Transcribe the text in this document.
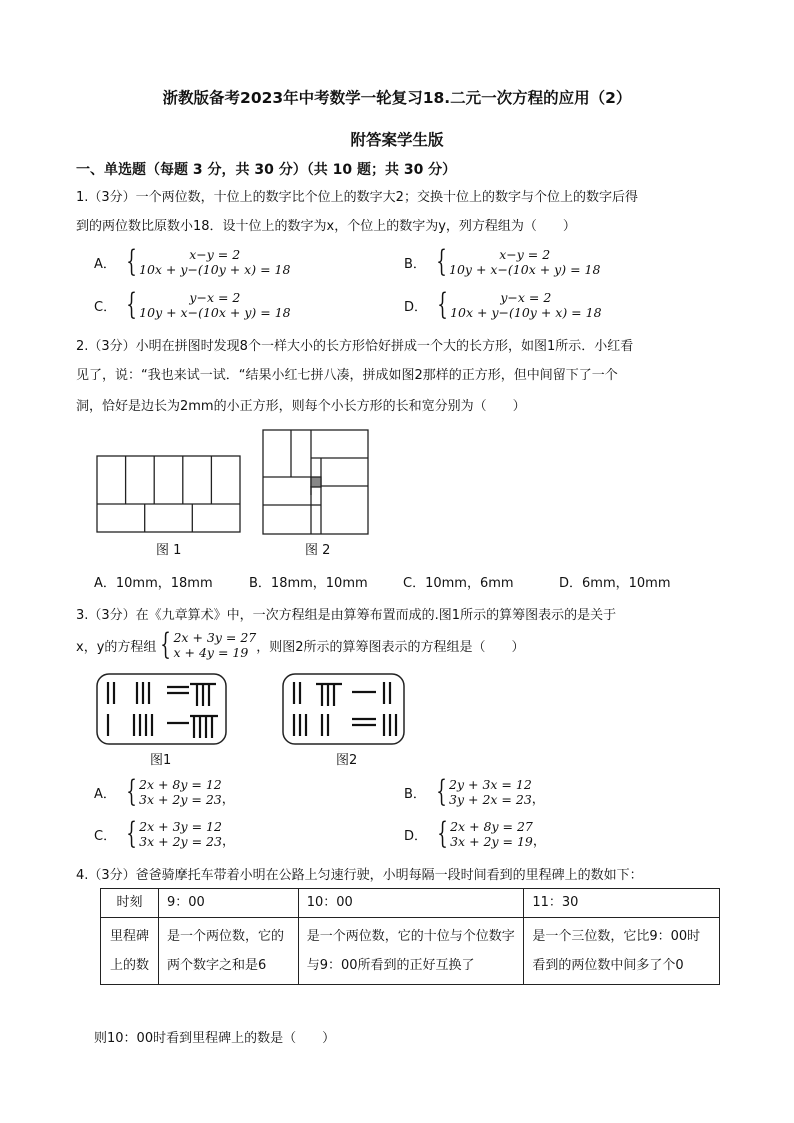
浙教版备考2023年中考数学一轮复习18.二元一次方程的应用（2）
附答案学生版
一、单选题（每题 3 分，共 30 分）（共 10 题；共 30 分）
1.（3分）一个两位数，十位上的数字比个位上的数字大2；交换十位上的数字与个位上的数字后得
到的两位数比原数小18．设十位上的数字为x，个位上的数字为y，列方程组为（　　）
A． {	x−y = 2
10x + y−(10y + x) = 18	B． {	x−y = 2
10y + x−(10x + y) = 18
C． {	y−x = 2
10y + x−(10x + y) = 18	D． {	y−x = 2
10x + y−(10y + x) = 18
2.（3分）小明在拼图时发现8个一样大小的长方形恰好拼成一个大的长方形，如图1所示．小红看
见了，说：“我也来试一试．“结果小红七拼八凑，拼成如图2那样的正方形，但中间留下了一个
洞，恰好是边长为2mm的小正方形，则每个小长方形的长和宽分别为（　　）
图 1	图 2
A．10mm，18mm	B．18mm，10mm	C．10mm，6mm	D．6mm，10mm
3.（3分）在《九章算术》中，一次方程组是由算筹布置而成的.图1所示的算筹图表示的是关于
x，y的方程组 { 2x + 3y = 27
x + 4y = 19 ，则图2所示的算筹图表示的方程组是（　　）
图1	图2
A． { 2x + 8y = 12
3x + 2y = 23 ，	B． { 2y + 3x = 12
3y + 2x = 23 ，
C． { 2x + 3y = 12
3x + 2y = 23 ，	D． { 2x + 8y = 27
3x + 2y = 19 ，
4.（3分）爸爸骑摩托车带着小明在公路上匀速行驶，小明每隔一段时间看到的里程碑上的数如下：
时刻	9：00	10：00	11：30
里程碑上的数	是一个两位数，它的两个数字之和是6	是一个两位数，它的十位与个位数字与9：00所看到的正好互换了	是一个三位数，它比9：00时看到的两位数中间多了个0
则10：00时看到里程碑上的数是（　　）
